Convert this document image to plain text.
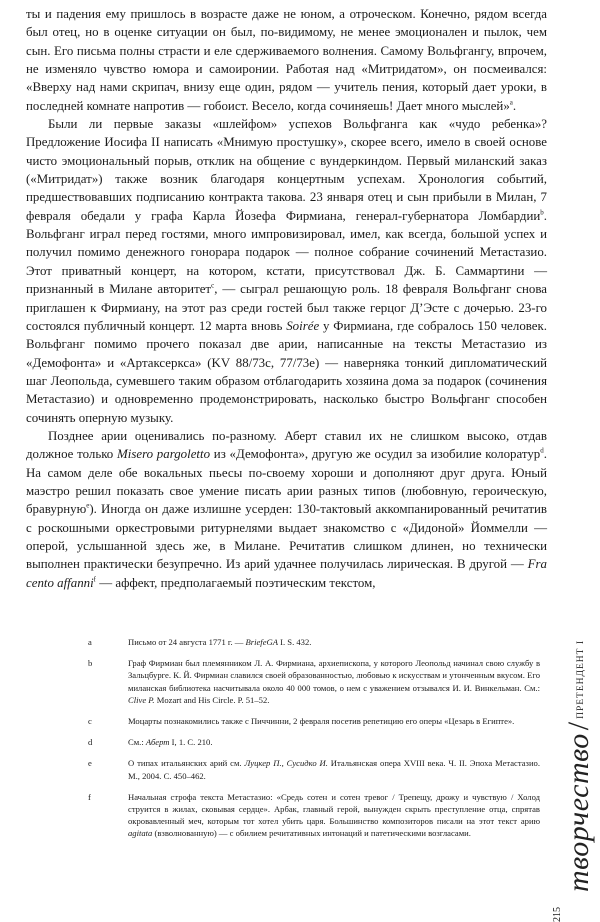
ты и падения ему пришлось в возрасте даже не юном, а отроческом. Конечно, рядом всегда был отец, но в оценке ситуации он был, по-видимому, не менее эмоционален и пылок, чем сын. Его письма полны страсти и еле сдерживаемого волнения. Самому Вольфгангу, впрочем, не изменяло чувство юмора и самоиронии. Работая над «Митридатом», он посмеивался: «Вверху над нами скрипач, внизу еще один, рядом — учитель пения, который дает уроки, в последней комнате напротив — гобоист. Весело, когда сочиняешь! Дает много мыслей»$^a$.

Были ли первые заказы «шлейфом» успехов Вольфганга как «чудо ребенка»? Предложение Иосифа II написать «Мнимую простушку», скорее всего, имело в своей основе чисто эмоциональный порыв, отклик на общение с вундеркиндом. Первый миланский заказ («Митридат») также возник благодаря концертным успехам. Хронология событий, предшествовавших подписанию контракта такова. 23 января отец и сын прибыли в Милан, 7 февраля обедали у графа Карла Йозефа Фирмиана, генерал-губернатора Ломбардии$^b$. Вольфганг играл перед гостями, много импровизировал, имел, как всегда, большой успех и получил помимо денежного гонорара подарок — полное собрание сочинений Метастазио. Этот приватный концерт, на котором, кстати, присутствовал Дж. Б. Саммартини — признанный в Милане авторитет$^c$, — сыграл решающую роль. 18 февраля Вольфганг снова приглашен к Фирмиану, на этот раз среди гостей был также герцог Д’Эсте с дочерью. 23-го состоялся публичный концерт. 12 марта вновь Soirée у Фирмиана, где собралось 150 человек. Вольфганг помимо прочего показал две арии, написанные на тексты Метастазио из «Демофонта» и «Артаксеркса» (KV 88/73c, 77/73e) — наверняка тонкий дипломатический шаг Леопольда, сумевшего таким образом отблагодарить хозяина дома за подарок (сочинения Метастазио) и одновременно продемонстрировать, насколько быстро Вольфганг способен сочинять оперную музыку.

Позднее арии оценивались по-разному. Аберт ставил их не слишком высоко, отдав должное только Misero pargoletto из «Демофонта», другую же осудил за изобилие колоратур$^d$. На самом деле обе вокальных пьесы по-своему хороши и дополняют друг друга. Юный маэстро решил показать свое умение писать арии разных типов (любовную, героическую, бравурную$^e$). Иногда он даже излишне усерден: 130-тактовый аккомпанированный речитатив с роскошными оркестровыми ритурнелями выдает знакомство с «Дидоной» Йоммелли — оперой, услышанной здесь же, в Милане. Речитатив слишком длинен, но технически выполнен практически безупречно. Из арий удачнее получилась лирическая. В другой — Fra cento affanni$^f$ — аффект, предполагаемый поэтическим текстом,

a	Письмо от 24 августа 1771 г. — BriefeGA I. S. 432.
b	Граф Фирмиан был племянником Л. А. Фирмиана, архиепископа, у которого Леопольд начинал свою службу в Зальцбурге. К. Й. Фирмиан славился своей образованностью, любовью к искусствам и утонченным вкусом. Его миланская библиотека насчитывала около 40 000 томов, о нем с уважением отзывался И. И. Винкельман. См.: Clive P. Mozart and His Circle. P. 51–52.
c	Моцарты познакомились также с Пиччинни, 2 февраля посетив репетицию его оперы «Цезарь в Египте».
d	См.: Аберт I, 1. С. 210.
e	О типах итальянских арий см. Луцкер П., Сусидко И. Итальянская опера XVIII века. Ч. II. Эпоха Метастазио. М., 2004. С. 450–462.
f	Начальная строфа текста Метастазио: «Средь сотен и сотен тревог / Трепещу, дрожу и чувствую / Холод струится в жилах, сковывая сердце». Арбак, главный герой, вынужден скрыть преступление отца, спрятав окровавленный меч, которым тот хотел убить царя. Большинство композиторов писали на этот текст арию agitata (взволнованную) — с обилием речитативных интонаций и патетическими возгласами.	творчество/$^{ПРЕТЕНДЕНТ I}$
215
